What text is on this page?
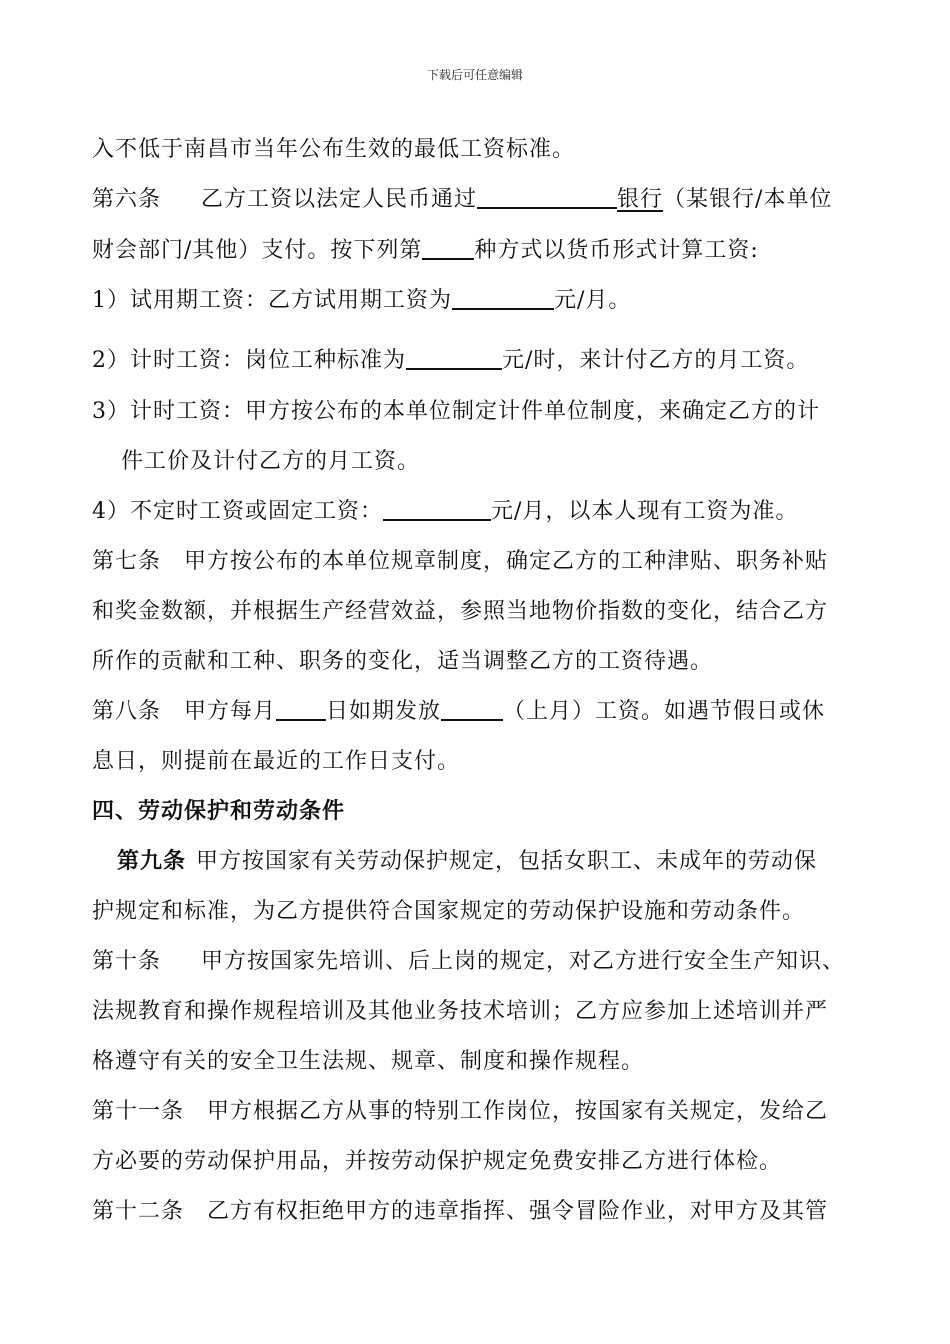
下载后可任意编辑
入不低于南昌市当年公布生效的最低工资标准。
第六条 乙方工资以法定人民币通过	银行（某银行/本单位
财会部门/其他）支付。按下列第 种方式以货币形式计算工资:
1）试用期工资：乙方试用期工资为	元/月。
2）计时工资：岗位工种标准为	元/时，来计付乙方的月工资。
3）计时工资：甲方按公布的本单位制定计件单位制度，来确定乙方的计
件工价及计付乙方的月工资。
4）不定时工资或固定工资：	元/月，以本人现有工资为准。
第七条　甲方按公布的本单位规章制度，确定乙方的工种津贴、职务补贴
和奖金数额，并根据生产经营效益，参照当地物价指数的变化，结合乙方
所作的贡献和工种、职务的变化，适当调整乙方的工资待遇。
第八条　甲方每月 日如期发放	（上月）工资。如遇节假日或休
息日，则提前在最近的工作日支付。
四、劳动保护和劳动条件
第九条 甲方按国家有关劳动保护规定，包括女职工、未成年的劳动保
护规定和标准，为乙方提供符合国家规定的劳动保护设施和劳动条件。
第十条 甲方按国家先培训、后上岗的规定，对乙方进行安全生产知识、
法规教育和操作规程培训及其他业务技术培训；乙方应参加上述培训并严
格遵守有关的安全卫生法规、规章、制度和操作规程。
第十一条　甲方根据乙方从事的特别工作岗位，按国家有关规定，发给乙
方必要的劳动保护用品，并按劳动保护规定免费安排乙方进行体检。
第十二条　乙方有权拒绝甲方的违章指挥、强令冒险作业，对甲方及其管
